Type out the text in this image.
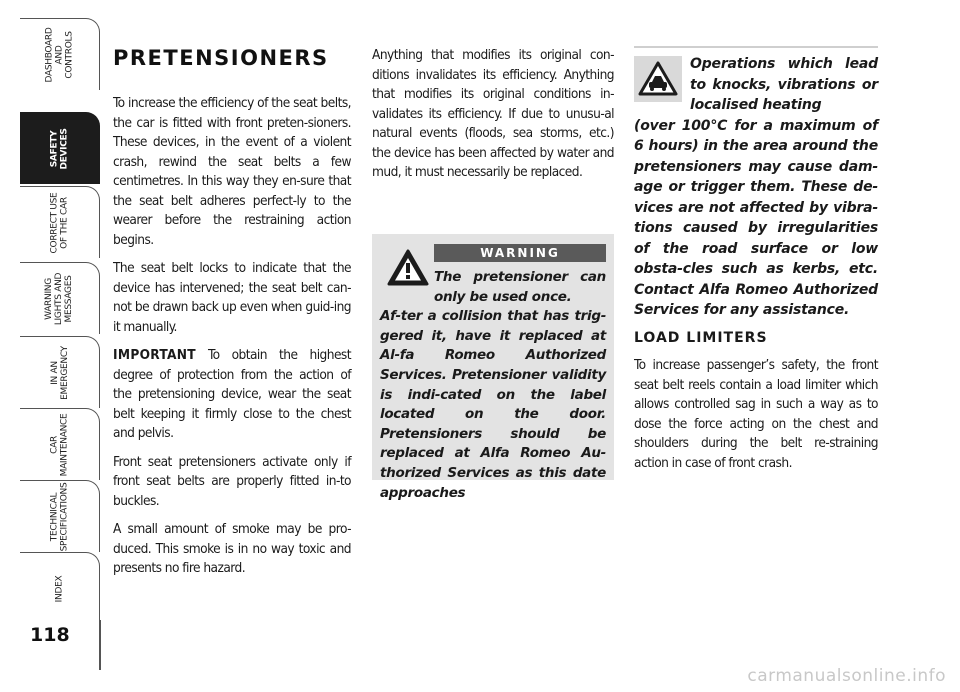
DASHBOARD
AND
CONTROLS
SAFETY
DEVICES
CORRECT USE
OF THE CAR
WARNING
LIGHTS AND
MESSAGES
IN AN
EMERGENCY
CAR
MAINTENANCE
TECHNICAL
SPECIFICATIONS
INDEX
118
PRETENSIONERS

To increase the efficiency of the seat belts, the car is fitted with front preten-sioners. These devices, in the event of a violent crash, rewind the seat belts a few centimetres. In this way they en-sure that the seat belt adheres perfect-ly to the wearer before the restraining action begins.

The seat belt locks to indicate that the device has intervened; the seat belt can-not be drawn back up even when guid-ing it manually.

IMPORTANT To obtain the highest degree of protection from the action of the pretensioning device, wear the seat belt keeping it firmly close to the chest and pelvis.

Front seat pretensioners activate only if front seat belts are properly fitted in-to buckles.

A small amount of smoke may be pro-duced. This smoke is in no way toxic and presents no fire hazard.

Anything that modifies its original con-ditions invalidates its efficiency. Anything that modifies its original conditions in-validates its efficiency. If due to unusu-al natural events (floods, sea storms, etc.) the device has been affected by water and mud, it must necessarily be replaced.

WARNING
The pretensioner can only be used once.
Af-ter a collision that has trig-gered it, have it replaced at Al-fa Romeo Authorized Services. Pretensioner validity is indi-cated on the label located on the door. Pretensioners should be replaced at Alfa Romeo Au-thorized Services as this date approaches
Operations which lead to knocks, vibrations or localised heating
(over 100°C for a maximum of 6 hours) in the area around the pretensioners may cause dam-age or trigger them. These de-vices are not affected by vibra-tions caused by irregularities of the road surface or low obsta-cles such as kerbs, etc. Contact Alfa Romeo Authorized Services for any assistance.
LOAD LIMITERS

To increase passenger’s safety, the front seat belt reels contain a load limiter which allows controlled sag in such a way as to dose the force acting on the chest and shoulders during the belt re-straining action in case of front crash.

carmanualsonline.info
